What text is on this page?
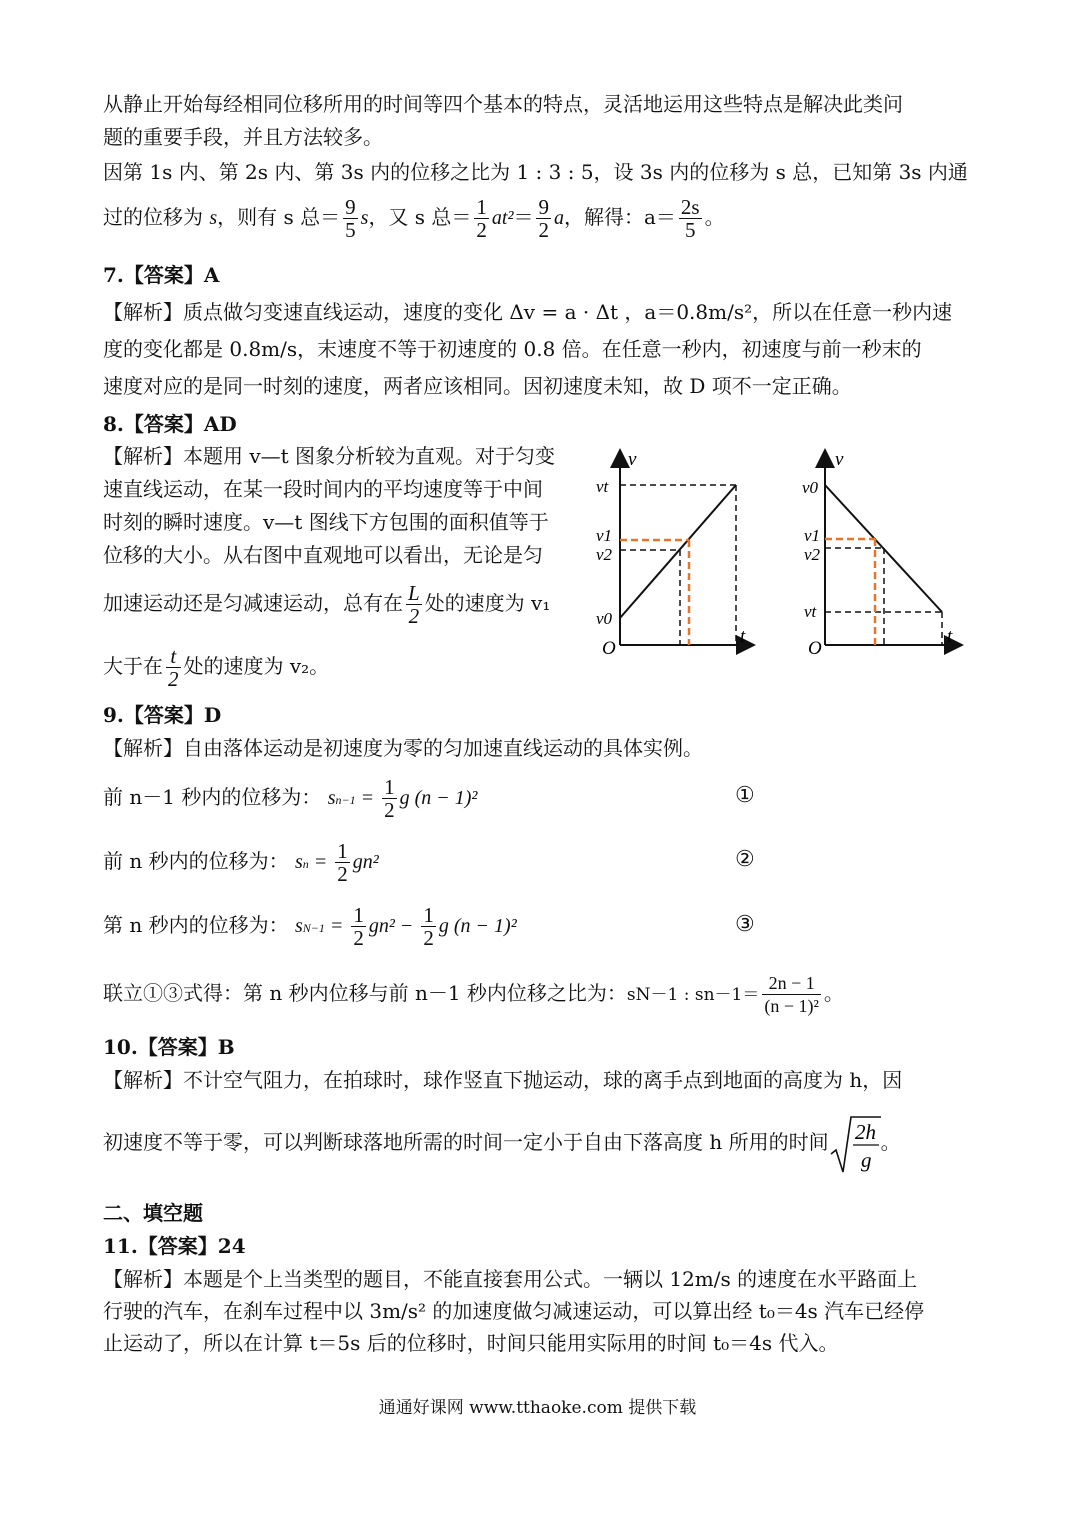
从静止开始每经相同位移所用的时间等四个基本的特点，灵活地运用这些特点是解决此类问
题的重要手段，并且方法较多。
因第 1s 内、第 2s 内、第 3s 内的位移之比为 1 : 3 : 5，设 3s 内的位移为 s 总，已知第 3s 内通
过的位移为 s，则有 s 总＝ $\frac{9}{5}$ s，又 s 总＝ $\frac{1}{2} at^2= \frac{9}{2}$ a，解得：$a= \frac{2s}{5}$ 。
7.【答案】A
【解析】质点做匀变速直线运动，速度的变化 Δv = a · Δt ，a＝0.8m/s²，所以在任意一秒内速
度的变化都是 0.8m/s，末速度不等于初速度的 0.8 倍。在任意一秒内，初速度与前一秒末的
速度对应的是同一时刻的速度，两者应该相同。因初速度未知，故 D 项不一定正确。
8.【答案】AD
【解析】本题用 v—t 图象分析较为直观。对于匀变
速直线运动，在某一段时间内的平均速度等于中间
时刻的瞬时速度。v—t 图线下方包围的面积值等于
位移的大小。从右图中直观地可以看出，无论是匀
加速运动还是匀减速运动，总有在 $\frac{L}{2}$ 处的速度为 v₁
大于在 $\frac{t}{2}$ 处的速度为 v₂。
v
t
O
vt
v1
v2
v0
v
t
O
v0
v1
v2
vt
9.【答案】D
【解析】自由落体运动是初速度为零的匀加速直线运动的具体实例。
前 n－1 秒内的位移为： $sn-1 = \frac{1}{2}$ g (n − 1)²	①
前 n 秒内的位移为： sn = $\frac{1}{2} gn^2$	②
第 n 秒内的位移为： $sN-1 = \frac{1}{2} gn^2 - \frac{1}{2}$ g (n − 1)²	③
联立①③式得：第 n 秒内位移与前 n－1 秒内位移之比为：sN－1 : $sn-1= \frac{2n - 1}{\text{(n − 1)²}}$ 。
10.【答案】B
【解析】不计空气阻力，在拍球时，球作竖直下抛运动，球的离手点到地面的高度为 h，因
初速度不等于零，可以判断球落地所需的时间一定小于自由下落高度 h 所用的时间 2h
g
。
二、填空题
11.【答案】24
【解析】本题是个上当类型的题目，不能直接套用公式。一辆以 12m/s 的速度在水平路面上
行驶的汽车，在刹车过程中以 3m/s² 的加速度做匀减速运动，可以算出经 t₀＝4s 汽车已经停
止运动了，所以在计算 t＝5s 后的位移时，时间只能用实际用的时间 t₀＝4s 代入。
通通好课网 www.tthaoke.com 提供下载
